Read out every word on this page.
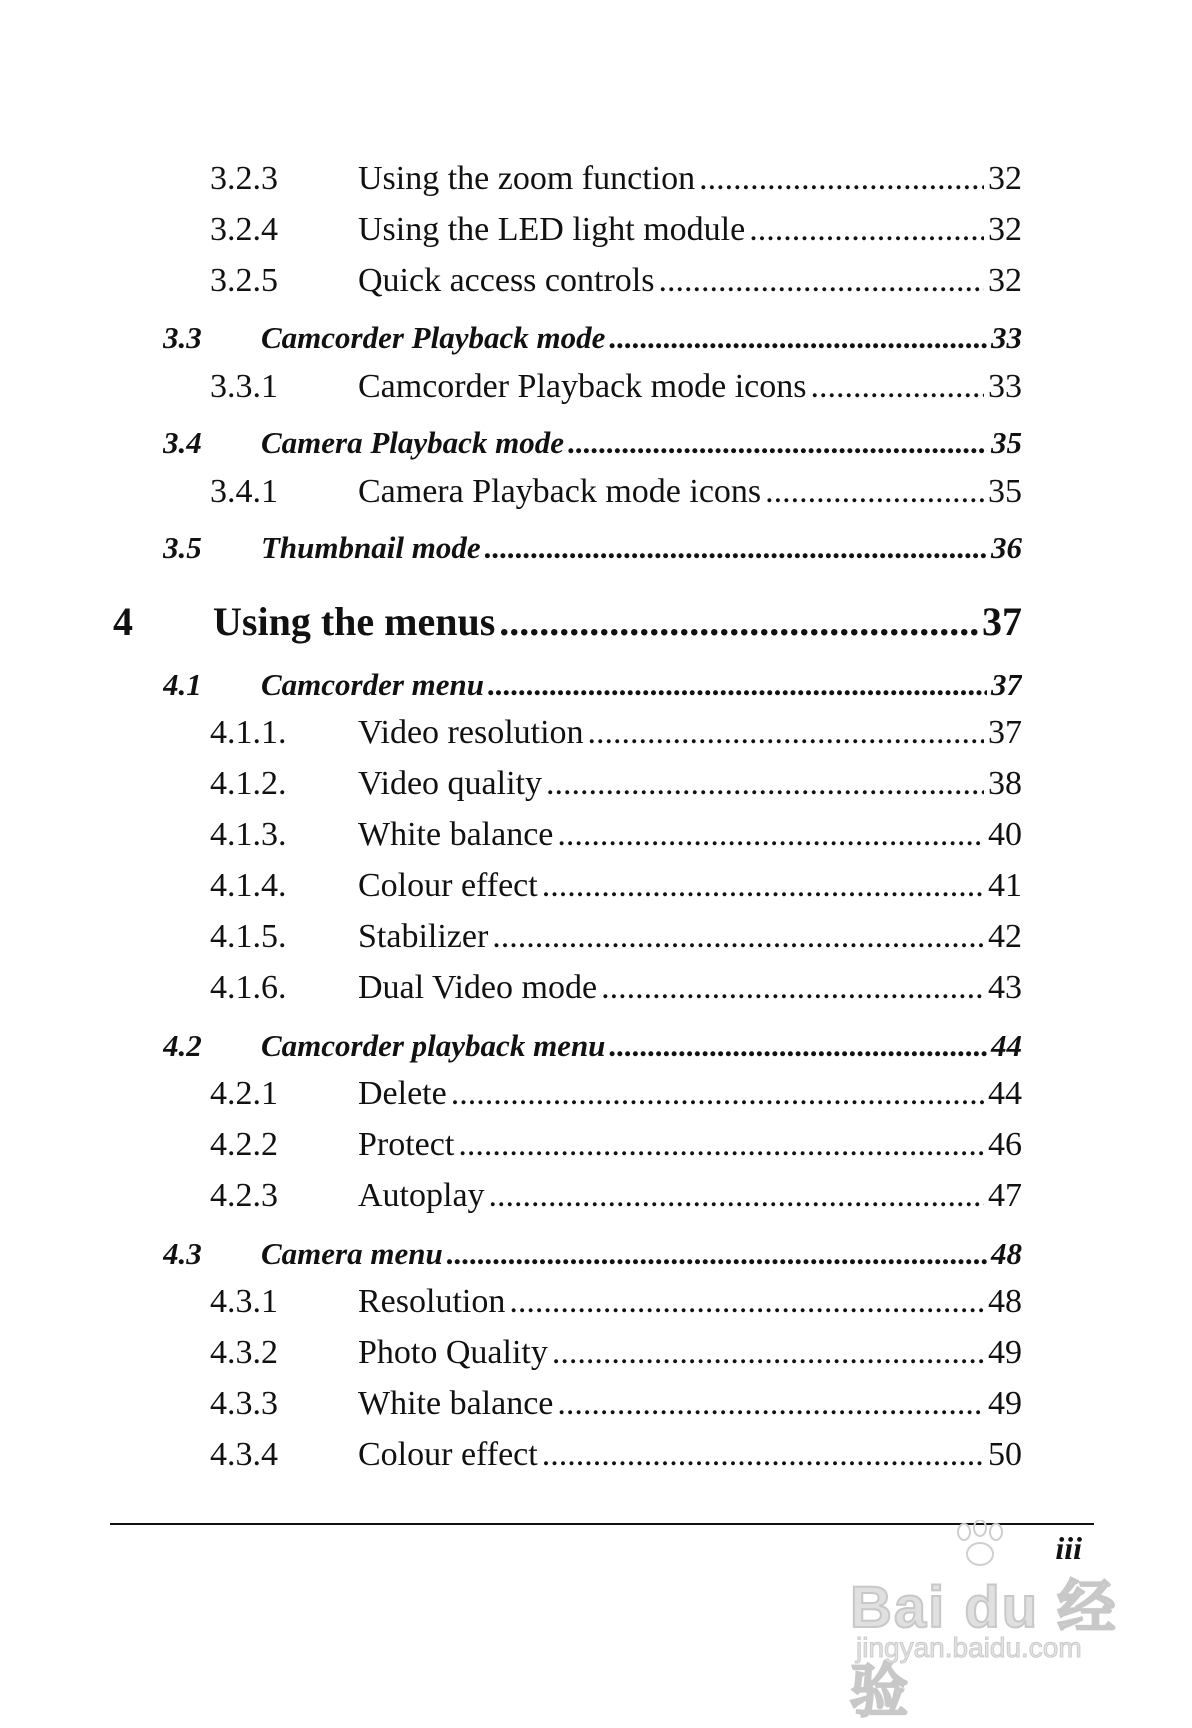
3.2.3	Using the zoom function .....	32
3.2.4	Using the LED light module .....	32
3.2.5	Quick access controls .....	32
3.3	Camcorder Playback mode .....	33
3.3.1	Camcorder Playback mode icons .....	33
3.4	Camera Playback mode .....	35
3.4.1	Camera Playback mode icons .....	35
3.5	Thumbnail mode .....	36
4	Using the menus .....	37
4.1	Camcorder menu .....	37
4.1.1.	Video resolution .....	37
4.1.2.	Video quality .....	38
4.1.3.	White balance .....	40
4.1.4.	Colour effect .....	41
4.1.5.	Stabilizer .....	42
4.1.6.	Dual Video mode .....	43
4.2	Camcorder playback menu .....	44
4.2.1	Delete .....	44
4.2.2	Protect .....	46
4.2.3	Autoplay .....	47
4.3	Camera menu .....	48
4.3.1	Resolution .....	48
4.3.2	Photo Quality .....	49
4.3.3	White balance .....	49
4.3.4	Colour effect .....	50
iii
Bai du 经验
jingyan.baidu.com
